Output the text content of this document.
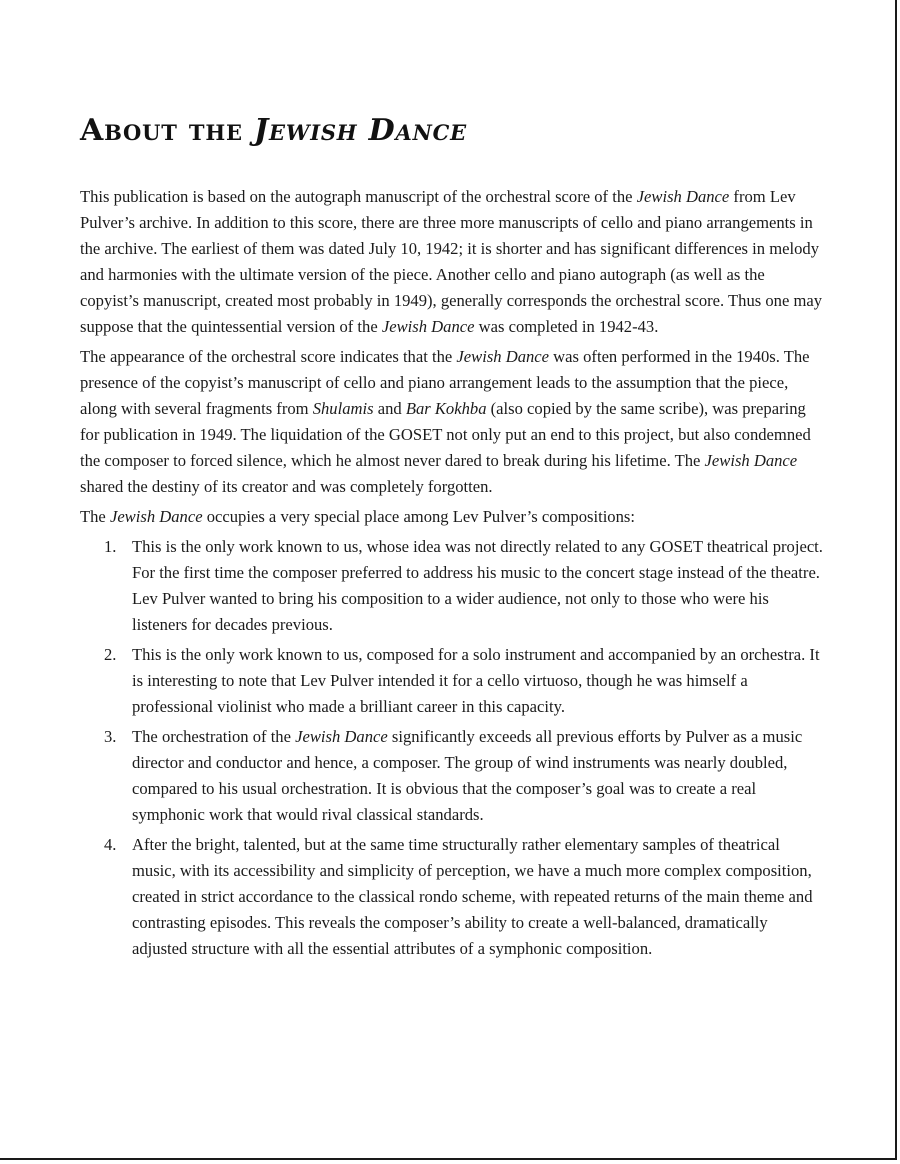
About the Jewish Dance

This publication is based on the autograph manuscript of the orchestral score of the Jewish Dance from Lev Pulver’s archive. In addition to this score, there are three more manuscripts of cello and piano arrangements in the archive. The earliest of them was dated July 10, 1942; it is shorter and has significant differences in melody and harmonies with the ultimate version of the piece. Another cello and piano autograph (as well as the copyist’s manuscript, created most probably in 1949), generally corresponds the orchestral score. Thus one may suppose that the quintessential version of the Jewish Dance was completed in 1942-43.

The appearance of the orchestral score indicates that the Jewish Dance was often performed in the 1940s. The presence of the copyist’s manuscript of cello and piano arrangement leads to the assumption that the piece, along with several fragments from Shulamis and Bar Kokhba (also copied by the same scribe), was preparing for publication in 1949. The liquidation of the GOSET not only put an end to this project, but also condemned the composer to forced silence, which he almost never dared to break during his lifetime. The Jewish Dance shared the destiny of its creator and was completely forgotten.

The Jewish Dance occupies a very special place among Lev Pulver’s compositions:

1. This is the only work known to us, whose idea was not directly related to any GOSET theatrical project. For the first time the composer preferred to address his music to the concert stage instead of the theatre. Lev Pulver wanted to bring his composition to a wider audience, not only to those who were his listeners for decades previous.
2. This is the only work known to us, composed for a solo instrument and accompanied by an orchestra. It is interesting to note that Lev Pulver intended it for a cello virtuoso, though he was himself a professional violinist who made a brilliant career in this capacity.
3. The orchestration of the Jewish Dance significantly exceeds all previous efforts by Pulver as a music director and conductor and hence, a composer. The group of wind instruments was nearly doubled, compared to his usual orchestration. It is obvious that the composer’s goal was to create a real symphonic work that would rival classical standards.
4. After the bright, talented, but at the same time structurally rather elementary samples of theatrical music, with its accessibility and simplicity of perception, we have a much more complex composition, created in strict accordance to the classical rondo scheme, with repeated returns of the main theme and contrasting episodes. This reveals the composer’s ability to create a well-balanced, dramatically adjusted structure with all the essential attributes of a symphonic composition.
